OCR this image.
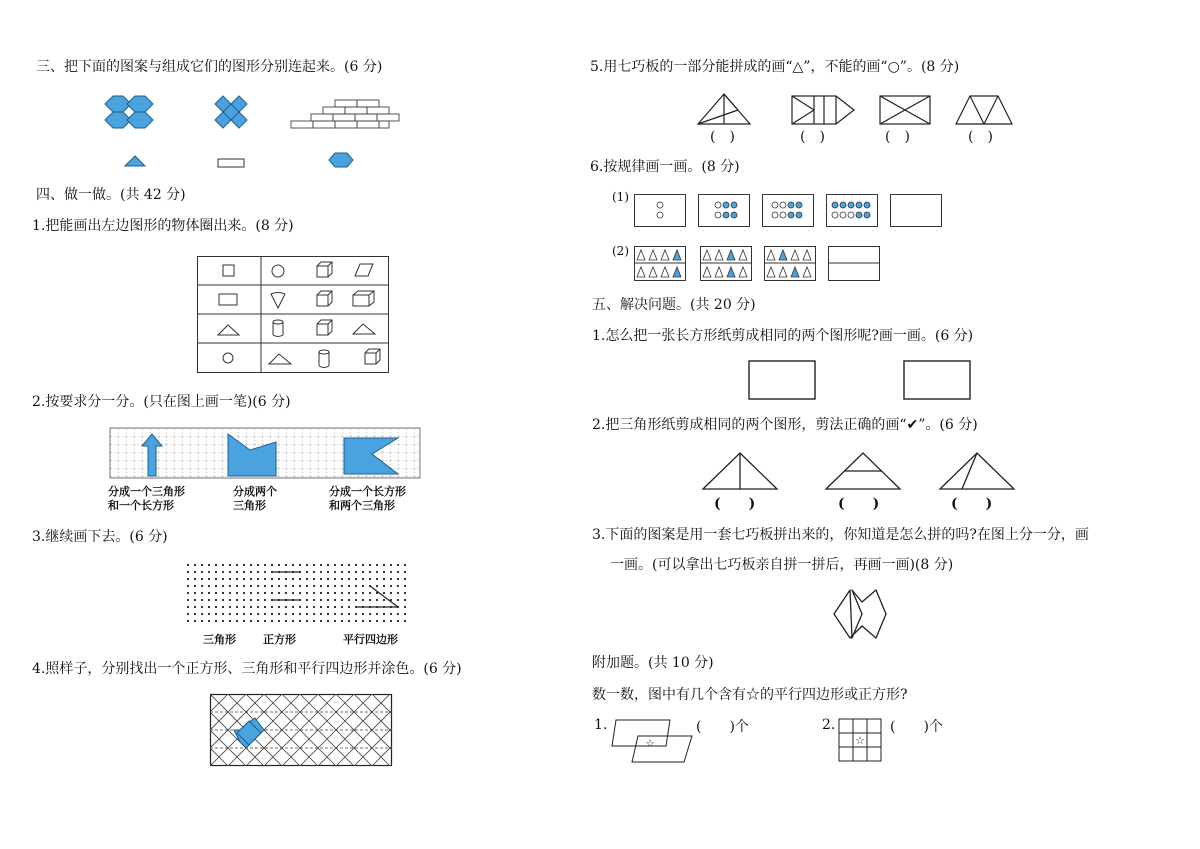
三、把下面的图案与组成它们的图形分别连起来。(6 分)
四、做一做。(共 42 分)
1.把能画出左边图形的物体圈出来。(8 分)
2.按要求分一分。(只在图上画一笔)(6 分)
分成一个三角形
和一个长方形
分成两个
三角形
分成一个长方形
和两个三角形
3.继续画下去。(6 分)
三角形 正方形	平行四边形
4.照样子，分别找出一个正方形、三角形和平行四边形并涂色。(6 分)
5.用七巧板的一部分能拼成的画“△”，不能的画“○”。(8 分)
(　)	(　)	(　)	(　)
6.按规律画一画。(8 分)
(1)
(2)
五、解决问题。(共 20 分)
1.怎么把一张长方形纸剪成相同的两个图形呢?画一画。(6 分)
2.把三角形纸剪成相同的两个图形，剪法正确的画“✔”。(6 分)
(　　)	(　　)	(　　)
3.下面的图案是用一套七巧板拼出来的，你知道是怎么拼的吗?在图上分一分，画
一画。(可以拿出七巧板亲自拼一拼后，再画一画)(8 分)
附加题。(共 10 分)
数一数，图中有几个含有☆的平行四边形或正方形?
1.
☆
(　　)个	2.
☆
(　　)个
